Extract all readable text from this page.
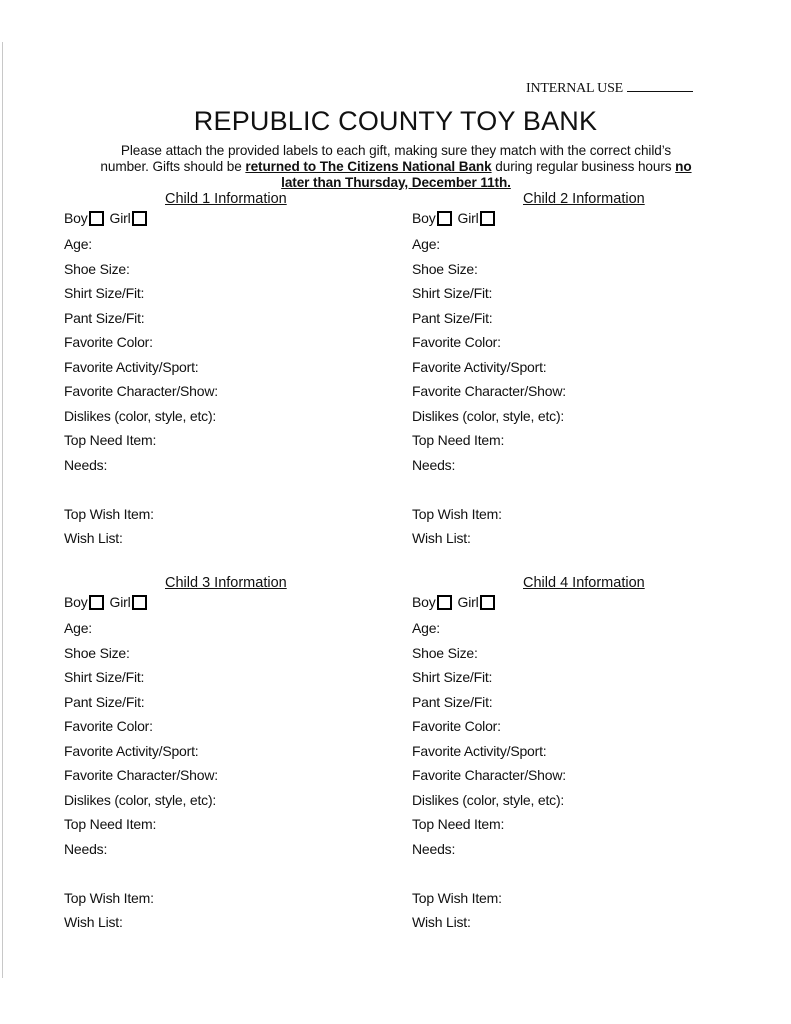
INTERNAL USE
REPUBLIC COUNTY TOY BANK
Please attach the provided labels to each gift, making sure they match with the correct child’s number. Gifts should be returned to The Citizens National Bank during regular business hours no later than Thursday, December 11th.
Child 1 Information
Boy Girl
Age:
Shoe Size:
Shirt Size/Fit:
Pant Size/Fit:
Favorite Color:
Favorite Activity/Sport:
Favorite Character/Show:
Dislikes (color, style, etc):
Top Need Item:
Needs:
Top Wish Item:
Wish List:
Child 2 Information
Boy Girl
Age:
Shoe Size:
Shirt Size/Fit:
Pant Size/Fit:
Favorite Color:
Favorite Activity/Sport:
Favorite Character/Show:
Dislikes (color, style, etc):
Top Need Item:
Needs:
Top Wish Item:
Wish List:
Child 3 Information
Boy Girl
Age:
Shoe Size:
Shirt Size/Fit:
Pant Size/Fit:
Favorite Color:
Favorite Activity/Sport:
Favorite Character/Show:
Dislikes (color, style, etc):
Top Need Item:
Needs:
Top Wish Item:
Wish List:
Child 4 Information
Boy Girl
Age:
Shoe Size:
Shirt Size/Fit:
Pant Size/Fit:
Favorite Color:
Favorite Activity/Sport:
Favorite Character/Show:
Dislikes (color, style, etc):
Top Need Item:
Needs:
Top Wish Item:
Wish List:
